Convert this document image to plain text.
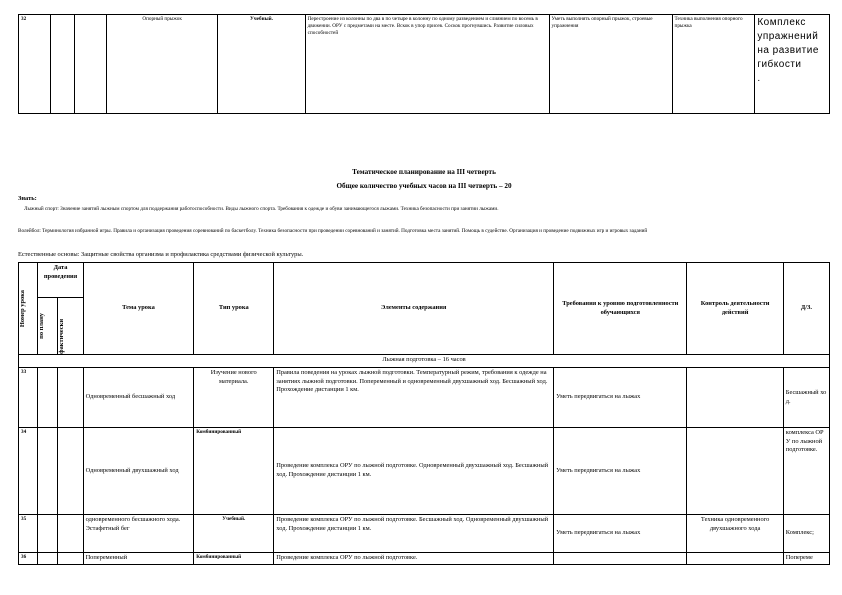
32			Опорный прыжок	Учебный.	Перестроение из колонны по два в по четыре в колонну по одному разведением и слиянием по восемь в движении. ОРУ с предметами на месте. Вскок в упор присев. Соскок прогнувшись. Развитие силовых способностей	Уметь выполнять опорный прыжок, строевые упражнения	Техника выполнения опорного прыжка	Комплекс упражнений на развитие гибкости
.
Тематическое планирование на III четверть
Общее количество учебных часов на III четверть – 20
Знать:
Лыжный спорт: Значение занятий лыжным спортом для поддержания работоспособности. Виды лыжного спорта. Требования к одежде и обуви занимающегося лыжами. Техника безопасности при занятии лыжами.
Волейбол: Терминология избранной игры. Правила и организация проведения соревнований по баскетболу. Техника безопасности при проведении соревнований и занятий. Подготовка места занятий. Помощь в судействе. Организация и проведение подвижных игр и игровых заданий
Естественные основы: Защитные свойства организма и профилактика средствами физической культуры.
Номер урока	Дата проведения		Тема урока	Тип урока	Элементы содержания	Требования к уровню подготовленности обучающихся	Контроль деятельности действий	Д/З.

	по плану	фактически						

Лыжная подготовка – 16 часов								
33			Одновременный бесшажный ход	Изучение нового материала.	Правила поведения на уроках лыжной подготовки. Температурный режим, требования к одежде на занятиях лыжной подготовки. Попеременный и одновременный двухшажный ход. Бесшажный ход. Прохождение дистанции 1 км.	Уметь передвигаться на лыжах		Бесшажный ход.
34			Одновременный двухшажный ход	Комбинированный	Проведение комплекса ОРУ по лыжной подготовке. Одновременный двухшажный ход. Бесшажный ход. Прохождение дистанции 1 км.	Уметь передвигаться на лыжах		комплекса ОРУ по лыжной подготовке.
35			одновременного бесшажного хода. Эстафетный бег	Учебный.	Проведение комплекса ОРУ по лыжной подготовке. Бесшажный ход. Одновременный двухшажный ход. Прохождение дистанции 1 км.	Уметь передвигаться на лыжах	Техника одновременного двухшажного хода	Комплекс;
36			Попеременный	Комбинированный	Проведение комплекса ОРУ по лыжной подготовке.			Попереме
